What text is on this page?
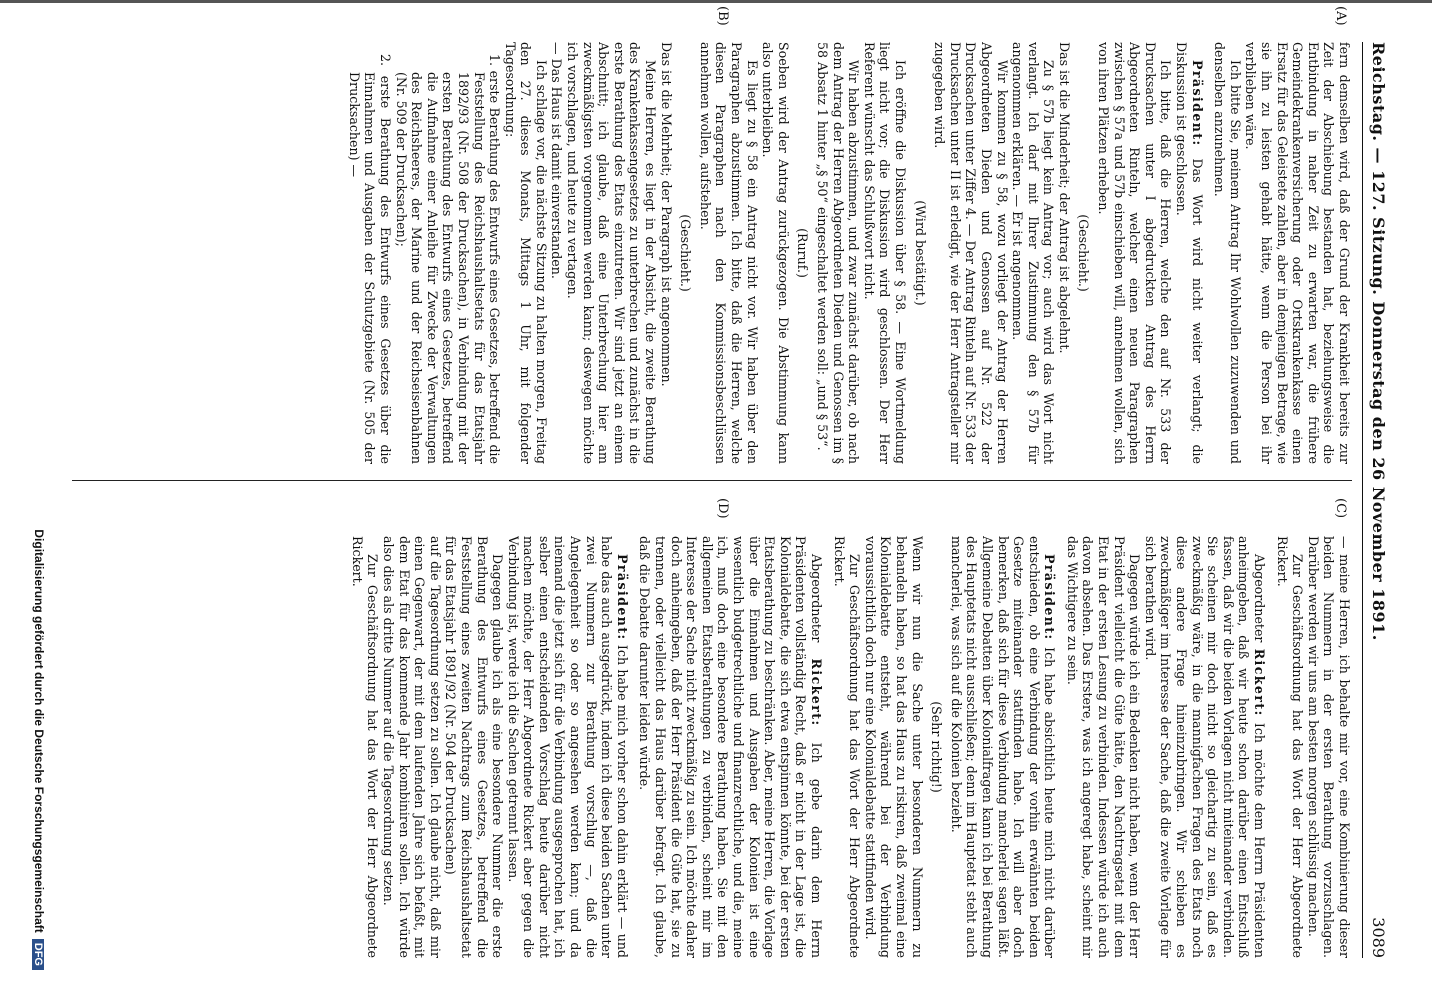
Reichstag. — 127. Sitzung. Donnerstag den 26 November 1891.
3089
(A)
(B)
(C)
(D)

fern demselben wird, daß der Grund der Krankheit bereits zur Zeit der Abschiebung bestanden hat, beziehungsweise die Entbindung in naher Zeit zu erwarten war, die frühere Gemeindekrankenversicherung oder Ortskrankenkasse einen Ersatz für das Geleistete zahlen, aber in demjenigen Betrage, wie sie ihn zu leisten gehabt hätte, wenn die Person bei ihr verblieben wäre.

Ich bitte Sie, meinem Antrag Ihr Wohlwollen zuzuwenden und denselben anzunehmen.

Präsident: Das Wort wird nicht weiter verlangt; die Diskussion ist geschlossen.

Ich bitte, daß die Herren, welche den auf Nr. 533 der Drucksachen unter I abgedruckten Antrag des Herrn Abgeordneten Rinteln, welcher einen neuen Paragraphen zwischen § 57a und 57b einschieben will, annehmen wollen, sich von ihren Plätzen erheben.

(Geschieht.)

Das ist die Minderheit; der Antrag ist abgelehnt.

Zu § 57b liegt kein Antrag vor; auch wird das Wort nicht verlangt. Ich darf mit Ihrer Zustimmung den § 57b für angenommen erklären. — Er ist angenommen.

Wir kommen zu § 58, wozu vorliegt der Antrag der Herren Abgeordneten Dieden und Genossen auf Nr. 522 der Drucksachen unter Ziffer 4. — Der Antrag Rinteln auf Nr. 533 der Drucksachen unter II ist erledigt, wie der Herr Antragsteller mir zugegeben wird.

(Wird bestätigt.)

Ich eröffne die Diskussion über § 58. — Eine Wortmeldung liegt nicht vor; die Diskussion wird geschlossen. Der Herr Referent wünscht das Schlußwort nicht.

Wir haben abzustimmen, und zwar zunächst darüber, ob nach dem Antrag der Herren Abgeordneten Dieden und Genossen im § 58 Absatz 1 hinter „§ 50“ eingeschaltet werden soll: „und § 53“.

(Ruruf.)

Soeben wird der Antrag zurückgezogen. Die Abstimmung kann also unterbleiben.

Es liegt zu § 58 ein Antrag nicht vor. Wir haben über den Paragraphen abzustimmen. Ich bitte, daß die Herren, welche diesen Paragraphen nach den Kommissionsbeschlüssen annehmen wollen, aufstehen.

(Geschieht.)

Das ist die Mehrheit; der Paragraph ist angenommen.

Meine Herren, es liegt in der Absicht, die zweite Berathung des Krankenkassengesetzes zu unterbrechen und zunächst in die erste Berathung des Etats einzutreten. Wir sind jetzt an einem Abschnitt; ich glaube, daß eine Unterbrechung hier am zweckmäßigsten vorgenommen werden kann; deswegen möchte ich vorschlagen, und heute zu vertagen.

— Das Haus ist damit einverstanden.

Ich schlage vor, die nächste Sitzung zu halten morgen, Freitag den 27. dieses Monats, Mittags 1 Uhr, mit folgender Tagesordnung:

1. erste Berathung des Entwurfs eines Gesetzes, betreffend die Feststellung des Reichshaushaltsetats für das Etatsjahr 1892/93 (Nr. 508 der Drucksachen), in Verbindung mit der ersten Berathung des Entwurfs eines Gesetzes, betreffend die Aufnahme einer Anleihe für Zwecke der Verwaltungen des Reichsheeres, der Marine und der Reichseisenbahnen (Nr. 509 der Drucksachen);
2. erste Berathung des Entwurfs eines Gesetzes über die Einnahmen und Ausgaben der Schutzgebiete (Nr. 505 der Drucksachen) —

— meine Herren, ich behalte mir vor, eine Kombinierung dieser beiden Nummern in der ersten Berathung vorzuschlagen. Darüber werden wir uns am besten morgen schlüssig machen.

Zur Geschäftsordnung hat das Wort der Herr Abgeordnete Rickert.

Abgeordneter Rickert: Ich möchte dem Herrn Präsidenten anheimgeben, daß wir heute schon darüber einen Entschluß fassen, daß wir die beiden Vorlagen nicht miteinander verbinden. Sie scheinen mir doch nicht so gleichartig zu sein, daß es zweckmäßig wäre, in die mannigfachen Fragen des Etats noch diese andere Frage hineinzubringen. Wir schieben es zweckmäßiger im Interesse der Sache, daß die zweite Vorlage für sich berathen wird.

Dagegen würde ich ein Bedenken nicht haben, wenn der Herr Präsident vielleicht die Güte hätte, den Nachtragsetat mit dem Etat in der ersten Lesung zu verbinden. Indessen würde ich auch davon absehen. Das Erstere, was ich angeregt habe, scheint mir das Wichtigere zu sein.

Präsident: Ich habe absichtlich heute mich nicht darüber entschieden, ob eine Verbindung der vorhin erwähnten beiden Gesetze miteinander stattfinden habe. Ich will aber doch bemerken, daß sich für diese Verbindung mancherlei sagen läßt. Allgemeine Debatten über Kolonialfragen kann ich bei Berathung des Hauptetats nicht ausschließen; denn im Hauptetat steht auch mancherlei, was sich auf die Kolonien bezieht.

(Sehr richtig!)

Wenn wir nun die Sache unter besonderen Nummern zu behandeln haben, so hat das Haus zu riskiren, daß zweimal eine Kolonialdebatte entsteht, während bei der Verbindung voraussichtlich doch nur eine Kolonialdebatte stattfinden wird.

Zur Geschäftsordnung hat das Wort der Herr Abgeordnete Rickert.

Abgeordneter Rickert: Ich gebe darin dem Herrn Präsidenten vollständig Recht, daß er nicht in der Lage ist, die Kolonialdebatte, die sich etwa entspinnen könnte, bei der ersten Etatsberathung zu beschränken. Aber, meine Herren, die Vorlage über die Einnahmen und Ausgaben der Kolonien ist eine wesentlich budgetrechtliche und finanzrechtliche, und die, meine ich, muß doch eine besondere Berathung haben. Sie mit den allgemeinen Etatsberathungen zu verbinden, scheint mir im Interesse der Sache nicht zweckmäßig zu sein. Ich möchte daher doch anheimgeben, daß der Herr Präsident die Güte hat, sie zu trennen, oder vielleicht das Haus darüber befragt. Ich glaube, daß die Debatte darunter leiden würde.

Präsident: Ich habe mich vorher schon dahin erklärt — und habe das auch ausgedrückt, indem ich diese beiden Sachen unter zwei Nummern zur Berathung vorschlug —, daß die Angelegenheit so oder so angesehen werden kann; und da niemand die jetzt sich für die Verbindung ausgesprochen hat, ich selber einen entscheidenden Vorschlag heute darüber nicht machen möchte, der Herr Abgeordnete Rickert aber gegen die Verbindung ist, werde ich die Sachen getrennt lassen.

Dagegen glaube ich als eine besondere Nummer die erste Berathung des Entwurfs eines Gesetzes, betreffend die Feststellung eines zweiten Nachtrags zum Reichshaushaltsetat für das Etatsjahr 1891/92 (Nr. 504 der Drucksachen)

auf die Tagesordnung setzen zu sollen. Ich glaube nicht, daß mir einen Gegenwart, der mit dem laufenden Jahre sich befaßt, mit dem Etat für das kommende Jahr kombiniren sollen. Ich würde also dies als dritte Nummer auf die Tagesordnung setzen.

Zur Geschäftsordnung hat das Wort der Herr Abgeordnete Rickert.

Digitalisierung gefördert durch die Deutsche ForschungsgemeinschaftDFG
